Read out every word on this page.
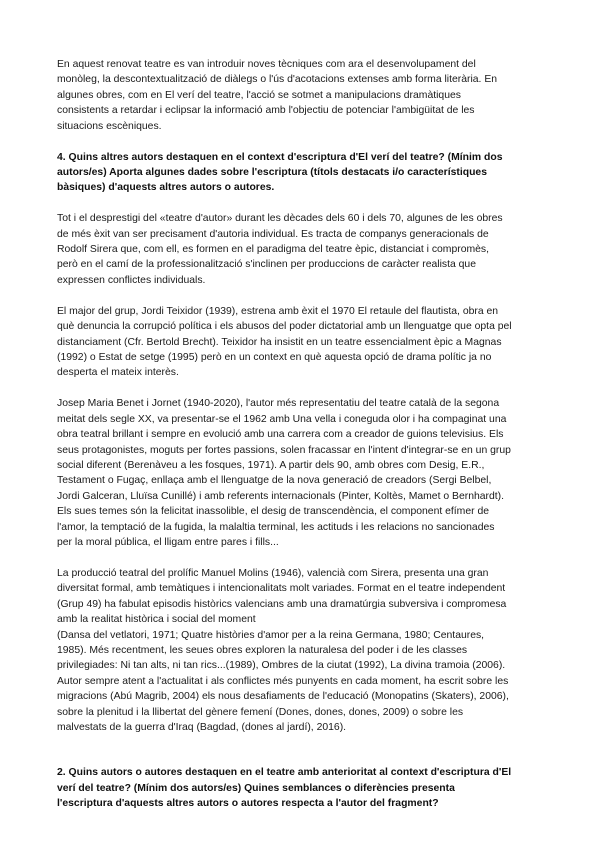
En aquest renovat teatre es van introduir noves tècniques com ara el desenvolupament del
monòleg, la descontextualització de diàlegs o l'ús d'acotacions extenses amb forma literària. En
algunes obres, com en El verí del teatre, l'acció se sotmet a manipulacions dramàtiques
consistents a retardar i eclipsar la informació amb l'objectiu de potenciar l'ambigüitat de les
situacions escèniques.

4. Quins altres autors destaquen en el context d'escriptura d'El verí del teatre? (Mínim dos
autors/es) Aporta algunes dades sobre l'escriptura (títols destacats i/o característiques
bàsiques) d'aquests altres autors o autores.

Tot i el desprestigi del «teatre d'autor» durant les dècades dels 60 i dels 70, algunes de les obres
de més èxit van ser precisament d'autoria individual. Es tracta de companys generacionals de
Rodolf Sirera que, com ell, es formen en el paradigma del teatre èpic, distanciat i compromès,
però en el camí de la professionalització s'inclinen per produccions de caràcter realista que
expressen conflictes individuals.

El major del grup, Jordi Teixidor (1939), estrena amb èxit el 1970 El retaule del flautista, obra en
què denuncia la corrupció política i els abusos del poder dictatorial amb un llenguatge que opta pel
distanciament (Cfr. Bertold Brecht). Teixidor ha insistit en un teatre essencialment èpic a Magnas
(1992) o Estat de setge (1995) però en un context en què aquesta opció de drama polític ja no
desperta el mateix interès.

Josep Maria Benet i Jornet (1940-2020), l'autor més representatiu del teatre català de la segona
meitat dels segle XX, va presentar-se el 1962 amb Una vella i coneguda olor i ha compaginat una
obra teatral brillant i sempre en evolució amb una carrera com a creador de guions televisius. Els
seus protagonistes, moguts per fortes passions, solen fracassar en l'intent d'integrar-se en un grup
social diferent (Berenàveu a les fosques, 1971). A partir dels 90, amb obres com Desig, E.R.,
Testament o Fugaç, enllaça amb el llenguatge de la nova generació de creadors (Sergi Belbel,
Jordi Galceran, Lluïsa Cunillé) i amb referents internacionals (Pinter, Koltès, Mamet o Bernhardt).
Els sues temes són la felicitat inassolible, el desig de transcendència, el component efímer de
l'amor, la temptació de la fugida, la malaltia terminal, les actituds i les relacions no sancionades
per la moral pública, el lligam entre pares i fills...

La producció teatral del prolífic Manuel Molins (1946), valencià com Sirera, presenta una gran
diversitat formal, amb temàtiques i intencionalitats molt variades. Format en el teatre independent
(Grup 49) ha fabulat episodis històrics valencians amb una dramatúrgia subversiva i compromesa
amb la realitat històrica i social del moment
(Dansa del vetlatori, 1971; Quatre històries d'amor per a la reina Germana, 1980; Centaures,
1985). Més recentment, les seues obres exploren la naturalesa del poder i de les classes
privilegiades: Ni tan alts, ni tan rics...(1989), Ombres de la ciutat (1992), La divina tramoia (2006).
Autor sempre atent a l'actualitat i als conflictes més punyents en cada moment, ha escrit sobre les
migracions (Abú Magrib, 2004) els nous desafiaments de l'educació (Monopatins (Skaters), 2006),
sobre la plenitud i la llibertat del gènere femení (Dones, dones, dones, 2009) o sobre les
malvestats de la guerra d'Iraq (Bagdad, (dones al jardí), 2016).

2. Quins autors o autores destaquen en el teatre amb anterioritat al context d'escriptura d'El
verí del teatre? (Mínim dos autors/es) Quines semblances o diferències presenta
l'escriptura d'aquests altres autors o autores respecta a l'autor del fragment?
